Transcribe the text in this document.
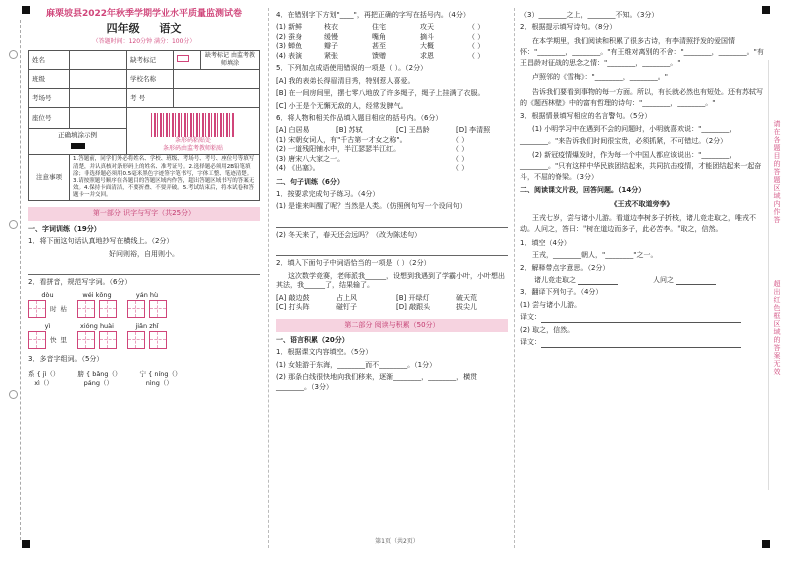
麻栗坡县2022年秋季学期学业水平质量监测试卷
四年级 语文
（答题时间：120分钟 满分：100分）
姓名		缺考标记		缺考标记 由监考教师填涂
班级		学校名称		
考场号		考 号		
座位号		条形码粘贴处
条形码由监考教师粘贴		

正确填涂示例				

注意事项	1.答题前，同学们务必将姓名、学校、班级、考场号、考号、座位号等填写清楚，并认真核对条形码上的姓名、准考证号。2.选择题必须用2B铅笔填涂；非选择题必须用0.5毫米黑色字迹签字笔书写，字体工整、笔迹清楚。3.请按照题号顺序在各题目的答题区域内作答，超出答题区域书写的答案无效。4.保持卡面清洁，不要折叠、不要弄破。5.考试结束后，将本试卷和答题卡一并交回。			
第一部分 识字与写字（共25分）
一、字词训练（19分）
1．将下面这句话认真地抄写在横线上。（2分）
好问则裕，自用则小。
2．看拼音，规范写字词。（6分）
dòu
时 枯
wéi kōng	yán hù
yì
快 里
xióng huài	jiǎn zhǐ
3．多音字组词。（5分）
系 { jì（）
xì（）
膀 { bǎng（）
páng（）
宁 { níng（）
nìng（）
4．在错别字下方划"____"，再把正确的字写在括号内。（4分）
(1) 新鲜	枝衣	住宅	攻天	（ ）
(2) 蚕身	缓慢	嘴角	摘斗	（ ）
(3) 蝉鱼	瓣子	甚至	大概	（ ）
(4) 表演	紧张	馈赠	求恩	（ ）
5．下列加点成语使用错误的一项是（ ）。（2分）
[A] 我的表弟长得眉清目秀，特别惹人喜爱。
[B] 在一间房间里，摆七零八地放了许多绳子，绳子上挂满了衣服。
[C] 小王是个无懈无敌的人，经常发脾气。
6．将人物和相关作品填入题目相应的括号内。（6分）
[A] 白居易	[B] 苏轼	[C] 王昌龄	[D] 李清照
(1) 宋朝女词人，有"千古第一才女之称"。	（ ）
(2) 一道残阳铺水中，半江瑟瑟半江红。	（ ）
(3) 唐宋八大家之一。	（ ）
(4) 《出塞》。	（ ）
二、句子训练（6分）
1．按要求完成句子练习。（4分）
(1) 是谁来叫醒了呢？当然是人类。（仿照例句写一个设问句）
(2) 冬天来了，春天还会远吗？（改为陈述句）
2．填入下面句子中词语恰当的一项是（ ）（2分）
这次数学竞赛，老师派我______，设想到我遇到了学霸小叶，小叶想出其法，我______了，结果输了。
[A] 敲边鼓	占上风	[B] 开绿灯	破天荒
[C] 打头阵	碰钉子	[D] 敲跟头	拔尖儿
第二部分 阅读与积累（50分）
一、语言积累（20分）
1．根据课文内容填空。（5分）
(1) 女娃游于东海，________而不________。（1分）
(2) 那条白线很快地向我们移来，逐渐________，________，横贯________。（3分）
（3）________之上，________不知。（3分）
2．根据提示填写诗句。（8分）
在本学期里，我们阅读和积累了很多古诗，有李清照抒发的爱国情怀："________，________。"有王维对离别的不舍："________，________。"有王昌龄对征战的思念之情："________，________。"
卢照邻的《雪梅》："________，________。"
告诉我们要看到事物的每一方面。所以，有长就必然也有短处。还有苏轼写的《题西林壁》中的富有哲理的诗句："________，________。"
3．根据情景填写相应的名言警句。（5分）
(1) 小明学习中在遇到不会的问题时，小明就喜欢说："________，________。"来告诉我们时间很宝贵，必须抓紧，不可错过。（2分）
(2) 新冠疫情爆发时，作为每一个中国人都应该说出："________，________。"只有这样中华民族团结起来，共同抗击疫情，才能团结起来一起奋斗，不屈的脊梁。（3分）
二、阅读课文片段，回答问题。（14分）
《王戎不取道旁李》
王戎七岁，尝与诸小儿游。看道边李树多子折枝，诸儿竞走取之，唯戎不动。人问之，答曰："树在道边而多子，此必苦李。"取之，信然。
1．填空（4分）
王戎，________朝人，"________"之一。
2．解释带点字意思。（2分）
诸儿竞走取之	人问之
3．翻译下列句子。（4分）
(1) 尝与诸小儿游。
译文：
(2) 取之，信然。
译文：
请在各题目的答题区域内作答
超出红色框区域的答案无效
第1页（共2页）
